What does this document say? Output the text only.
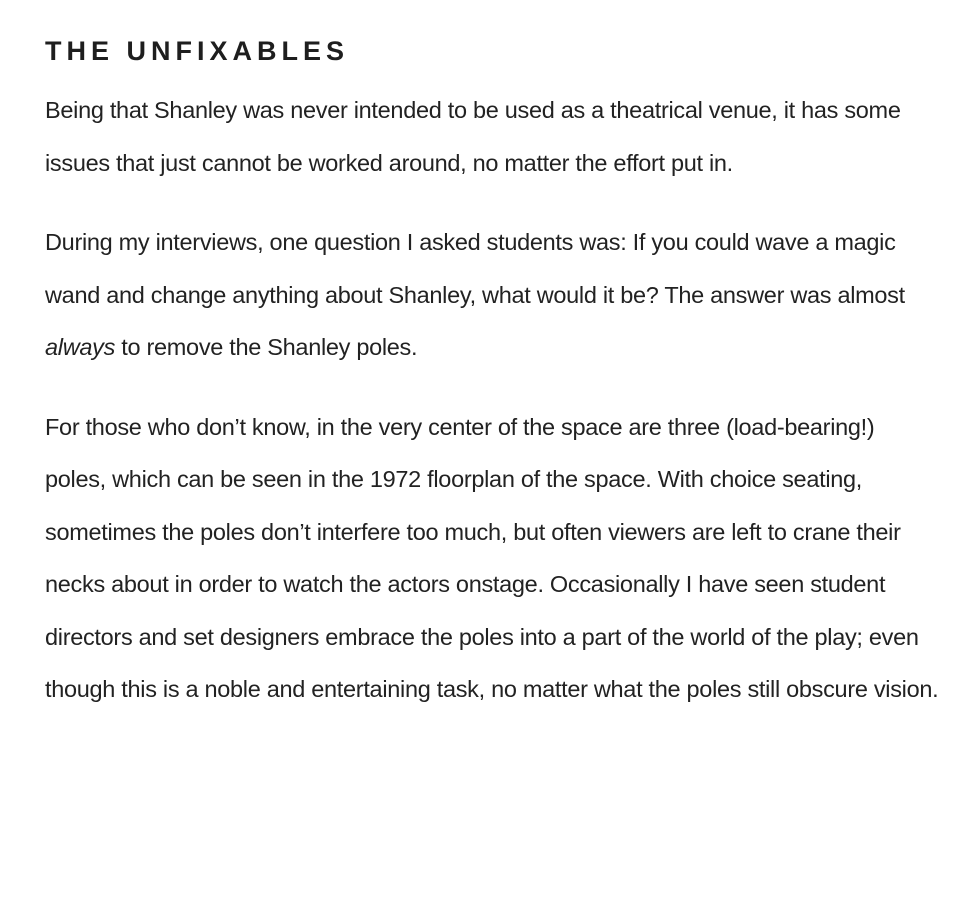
THE UNFIXABLES

Being that Shanley was never intended to be used as a theatrical venue, it has some issues that just cannot be worked around, no matter the effort put in.

During my interviews, one question I asked students was: If you could wave a magic wand and change anything about Shanley, what would it be? The answer was almost always to remove the Shanley poles.

For those who don’t know, in the very center of the space are three (load-bearing!) poles, which can be seen in the 1972 floorplan of the space. With choice seating, sometimes the poles don’t interfere too much, but often viewers are left to crane their necks about in order to watch the actors onstage. Occasionally I have seen student directors and set designers embrace the poles into a part of the world of the play; even though this is a noble and entertaining task, no matter what the poles still obscure vision.
